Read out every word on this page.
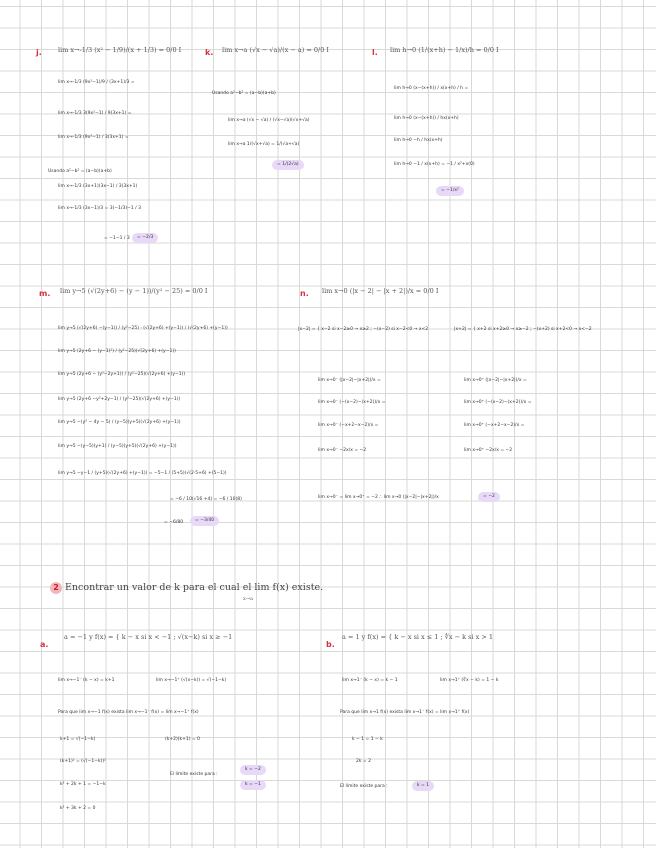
j. lim x→-1/3 (x² − 1/9)/(x + 1/3) = 0/0 I
lim x→-1/3 (9x²−1)/9 / (3x+1)/3 =
lim x→-1/3 3(9x²−1) / 9(3x+1) =
lim x→-1/3 (9x²−1) / 3(3x+1) =
Usando a²−b² = (a−b)(a+b)
lim x→-1/3 (3x+1)(3x−1) / 3(3x+1)
lim x→-1/3 (3x−1)/3 = 3(−1/3)−1 / 3
= −1−1 / 3	= −2/3
k. lim x→a (√x − √a)/(x − a) = 0/0 I
Usando a²−b² = (a−b)(a+b)
lim x→a (√x − √a) / (√x−√a)(√x+√a)
lim x→a 1/(√x+√a) = 1/(√a+√a)
= 1/(2√a)
l. lim h→0 (1/(x+h) − 1/x)/h = 0/0 I
lim h→0 (x−(x+h)) / x(x+h) / h =
lim h→0 (x−(x+h)) / hx(x+h)
lim h→0 −h / hx(x+h)
lim h→0 −1 / x(x+h) = −1 / x²+x(0)
= −1/x²
m. lim y→5 (√(2y+6) − (y − 1))/(y² − 25) = 0/0 I
lim y→5 (√(2y+6) −(y−1)) / (y²−25) · (√(2y+6) +(y−1)) / (√(2y+6) +(y−1))
lim y→5 (2y+6 − (y−1)²) / (y²−25)(√(2y+6) +(y−1))
lim y→5 (2y+6 − (y²−2y+1)) / (y²−25)(√(2y+6) +(y−1))
lim y→5 (2y+6 −y²+2y−1) / (y²−25)(√(2y+6) +(y−1))
lim y→5 −(y² − 4y − 5) / (y−5)(y+5)(√(2y+6) +(y−1))
lim y→5 −(y−5)(y+1) / (y−5)(y+5)(√(2y+6) +(y−1))
lim y→5 −y−1 / (y+5)(√(2y+6) +(y−1)) = −5−1 / (5+5)(√(2·5+6) +(5−1))
= −6 / 10(√16 +4) = −6 / 10(8)
= −6/80	= −3/40
n. lim x→0 (|x − 2| − |x + 2|)/x = 0/0 I
|x−2| = { x−2 si x−2≥0 → x≥2 ; −(x−2) si x−2<0 → x<2	|x+2| = { x+2 si x+2≥0 → x≥−2 ; −(x+2) si x+2<0 → x<−2
lim x→0⁻ (|x−2|−|x+2|)/x =	lim x→0⁺ (|x−2|−|x+2|)/x =
lim x→0⁻ (−(x−2)−(x+2))/x =	lim x→0⁺ (−(x−2)−(x+2))/x =
lim x→0⁻ (−x+2−x−2)/x =	lim x→0⁺ (−x+2−x−2)/x =
lim x→0⁻ −2x/x = −2	lim x→0⁺ −2x/x = −2
lim x→0⁻ = lim x→0⁺ = −2 ∴ lim x→0 (|x−2|−|x+2|)/x	= −2
2 Encontrar un valor de k para el cual el lim f(x) existe.
x→a
a.
a = −1 y f(x) = { k − x si x < −1 ; √(x−k) si x ≥ −1
lim x→−1⁻ (k − x) = k+1	lim x→−1⁺ (√(x−k)) = √(−1−k)
Para que lim x→−1 f(x) exista lim x→−1⁻ f(x) = lim x→−1⁺ f(x)
k+1 = √(−1−k)	(k+2)(k+1) = 0
(k+1)² = (√(−1−k))²
El límite existe para :
k² + 2k + 1 = −1−k
k² + 3k + 2 = 0
k = −2
k = −1
b.
a = 1 y f(x) = { k − x si x ≤ 1 ; ∜x − k si x > 1
lim x→1⁻ (k − x) = k − 1	lim x→1⁺ (∜x − k) = 1 − k
Para que lim x→1 f(x) exista lim x→1⁻ f(x) = lim x→1⁺ f(x)
k − 1 = 1 − k
2k = 2
El límite existe para :	k = 1
